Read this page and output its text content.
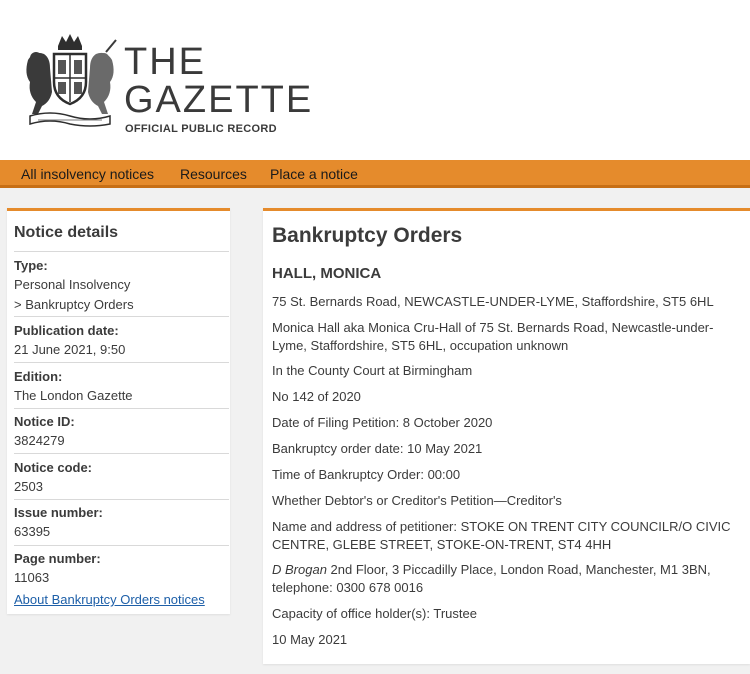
THE
GAZETTE
OFFICIAL PUBLIC RECORD
All insolvency notices Resources Place a notice
Notice details
Type:
Personal Insolvency
> Bankruptcy Orders
Publication date:
21 June 2021, 9:50
Edition:
The London Gazette
Notice ID:
3824279
Notice code:
2503
Issue number:
63395
Page number:
11063
About Bankruptcy Orders notices
Bankruptcy Orders
HALL, MONICA
75 St. Bernards Road, NEWCASTLE-UNDER-LYME, Staffordshire, ST5 6HL
Monica Hall aka Monica Cru-Hall of 75 St. Bernards Road, Newcastle-under-Lyme, Staffordshire, ST5 6HL, occupation unknown
In the County Court at Birmingham
No 142 of 2020
Date of Filing Petition: 8 October 2020
Bankruptcy order date: 10 May 2021
Time of Bankruptcy Order: 00:00
Whether Debtor's or Creditor's Petition—Creditor's
Name and address of petitioner: STOKE ON TRENT CITY COUNCILR/O CIVIC CENTRE, GLEBE STREET, STOKE-ON-TRENT, ST4 4HH
D Brogan 2nd Floor, 3 Piccadilly Place, London Road, Manchester, M1 3BN, telephone: 0300 678 0016
Capacity of office holder(s): Trustee
10 May 2021
